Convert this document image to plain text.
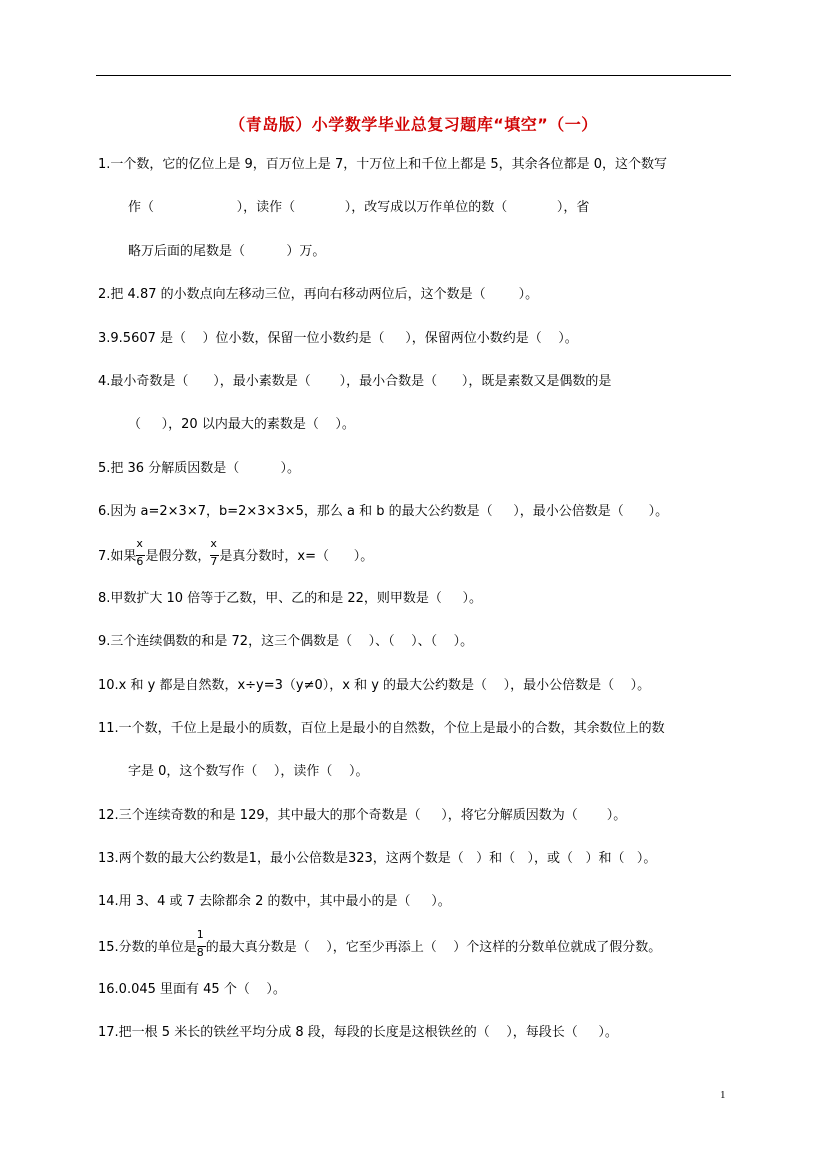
（青岛版）小学数学毕业总复习题库“填空”（一）
1.一个数，它的亿位上是 9，百万位上是 7，十万位上和千位上都是 5，其余各位都是 0，这个数写
作（                    ），读作（            ），改写成以万作单位的数（            ），省
略万后面的尾数是（          ）万。
2.把 4.87 的小数点向左移动三位，再向右移动两位后，这个数是（        ）。
3.9.5607 是（    ）位小数，保留一位小数约是（     ），保留两位小数约是（    ）。
4.最小奇数是（      ），最小素数是（       ），最小合数是（      ），既是素数又是偶数的是
（     ），20 以内最大的素数是（    ）。
5.把 36 分解质因数是（          ）。
6.因为 a=2×3×7，b=2×3×3×5，那么 a 和 b 的最大公约数是（     ），最小公倍数是（      ）。
7.如果 $\frac{x}{6}$ 是假分数， $\frac{x}{7}$ 是真分数时，x=（      ）。
8.甲数扩大 10 倍等于乙数，甲、乙的和是 22，则甲数是（     ）。
9.三个连续偶数的和是 72，这三个偶数是（    ）、（    ）、（    ）。
10.x 和 y 都是自然数，x÷y=3（y≠0），x 和 y 的最大公约数是（    ），最小公倍数是（    ）。
11.一个数，千位上是最小的质数，百位上是最小的自然数，个位上是最小的合数，其余数位上的数
字是 0，这个数写作（    ），读作（    ）。
12.三个连续奇数的和是 129，其中最大的那个奇数是（     ），将它分解质因数为（       ）。
13.两个数的最大公约数是1，最小公倍数是323，这两个数是（   ）和（   ），或（   ）和（   ）。
14.用 3、4 或 7 去除都余 2 的数中，其中最小的是（     ）。
15.分数的单位是 $\frac{1}{8}$ 的最大真分数是（    ），它至少再添上（    ）个这样的分数单位就成了假分数。
16.0.045 里面有 45 个（    ）。
17.把一根 5 米长的铁丝平均分成 8 段，每段的长度是这根铁丝的（    ），每段长（     ）。
1
